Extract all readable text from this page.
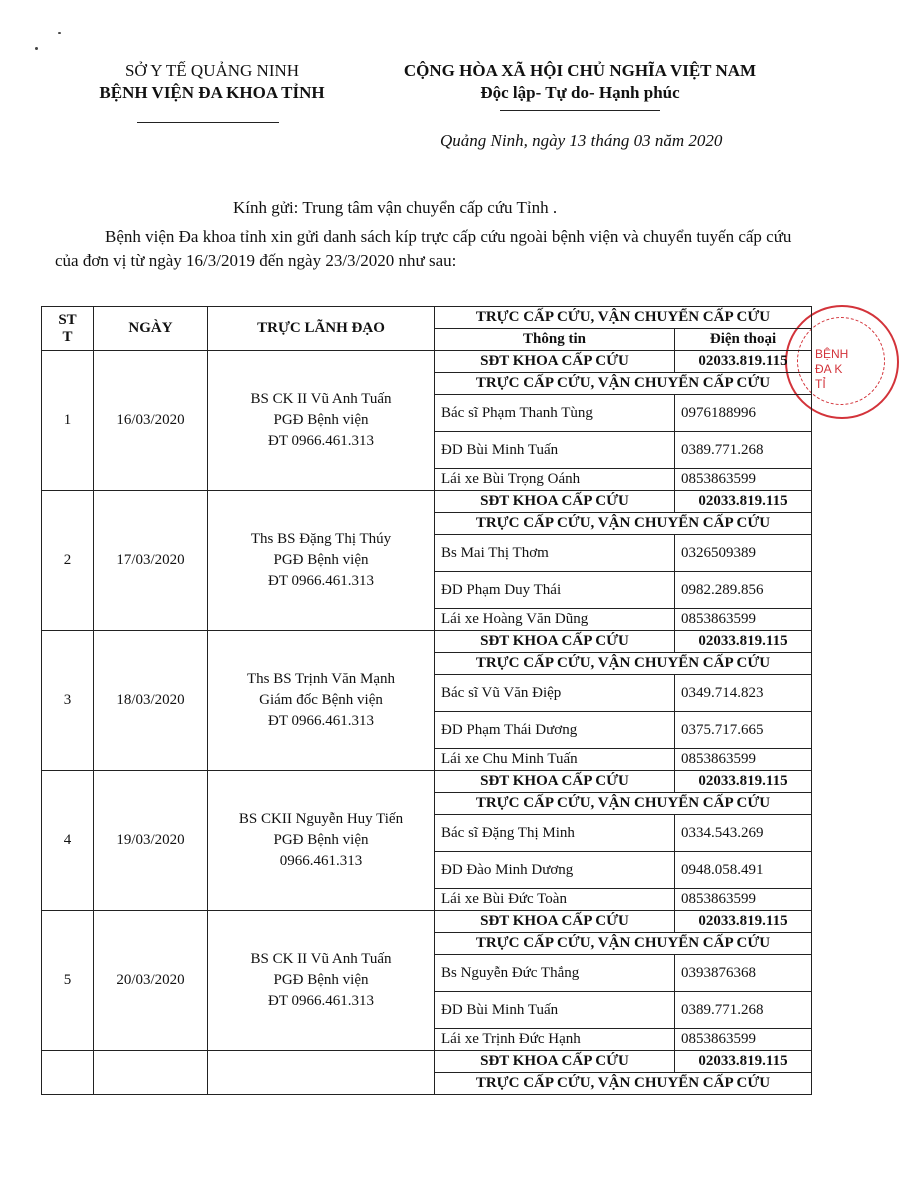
SỞ Y TẾ QUẢNG NINH
BỆNH VIỆN ĐA KHOA TỈNH
CỘNG HÒA XÃ HỘI CHỦ NGHĨA VIỆT NAM
Độc lập- Tự do- Hạnh phúc
Quảng Ninh, ngày 13 tháng 03 năm 2020
Kính gửi: Trung tâm vận chuyển cấp cứu Tỉnh .
Bệnh viện Đa khoa tỉnh xin gửi danh sách kíp trực cấp cứu ngoài bệnh viện và chuyển tuyến cấp cứu của đơn vị từ ngày 16/3/2019 đến ngày 23/3/2020 như sau:
BỆNH
ĐA K
TỈ
ST
T	NGÀY	TRỰC LÃNH ĐẠO	TRỰC CẤP CỨU, VẬN CHUYỂN CẤP CỨU	
			Thông tin	Điện thoại
1	16/03/2020	BS CK II Vũ Anh Tuấn
PGĐ Bệnh viện
ĐT 0966.461.313	SĐT KHOA CẤP CỨU	02033.819.115
			TRỰC CẤP CỨU, VẬN CHUYỂN CẤP CỨU	
			Bác sĩ Phạm Thanh Tùng	0976188996
			ĐD Bùi Minh Tuấn	0389.771.268
			Lái xe Bùi Trọng Oánh	0853863599
2	17/03/2020	Ths BS Đặng Thị Thúy
PGĐ Bệnh viện
ĐT 0966.461.313	SĐT KHOA CẤP CỨU	02033.819.115
			TRỰC CẤP CỨU, VẬN CHUYỂN CẤP CỨU	
			Bs Mai Thị Thơm	0326509389
			ĐD Phạm Duy Thái	0982.289.856
			Lái xe Hoàng Văn Dũng	0853863599
3	18/03/2020	Ths BS Trịnh Văn Mạnh
Giám đốc Bệnh viện
ĐT 0966.461.313	SĐT KHOA CẤP CỨU	02033.819.115
			TRỰC CẤP CỨU, VẬN CHUYỂN CẤP CỨU	
			Bác sĩ Vũ Văn Điệp	0349.714.823
			ĐD Phạm Thái Dương	0375.717.665
			Lái xe Chu Minh Tuấn	0853863599
4	19/03/2020	BS CKII Nguyễn Huy Tiến
PGĐ Bệnh viện
0966.461.313	SĐT KHOA CẤP CỨU	02033.819.115
			TRỰC CẤP CỨU, VẬN CHUYỂN CẤP CỨU	
			Bác sĩ Đặng Thị Minh	0334.543.269
			ĐD Đào Minh Dương	0948.058.491
			Lái xe Bùi Đức Toàn	0853863599
5	20/03/2020	BS CK II Vũ Anh Tuấn
PGĐ Bệnh viện
ĐT 0966.461.313	SĐT KHOA CẤP CỨU	02033.819.115
			TRỰC CẤP CỨU, VẬN CHUYỂN CẤP CỨU	
			Bs Nguyễn Đức Thắng	0393876368
			ĐD Bùi Minh Tuấn	0389.771.268
			Lái xe Trịnh Đức Hạnh	0853863599
			SĐT KHOA CẤP CỨU	02033.819.115
			TRỰC CẤP CỨU, VẬN CHUYỂN CẤP CỨU	
